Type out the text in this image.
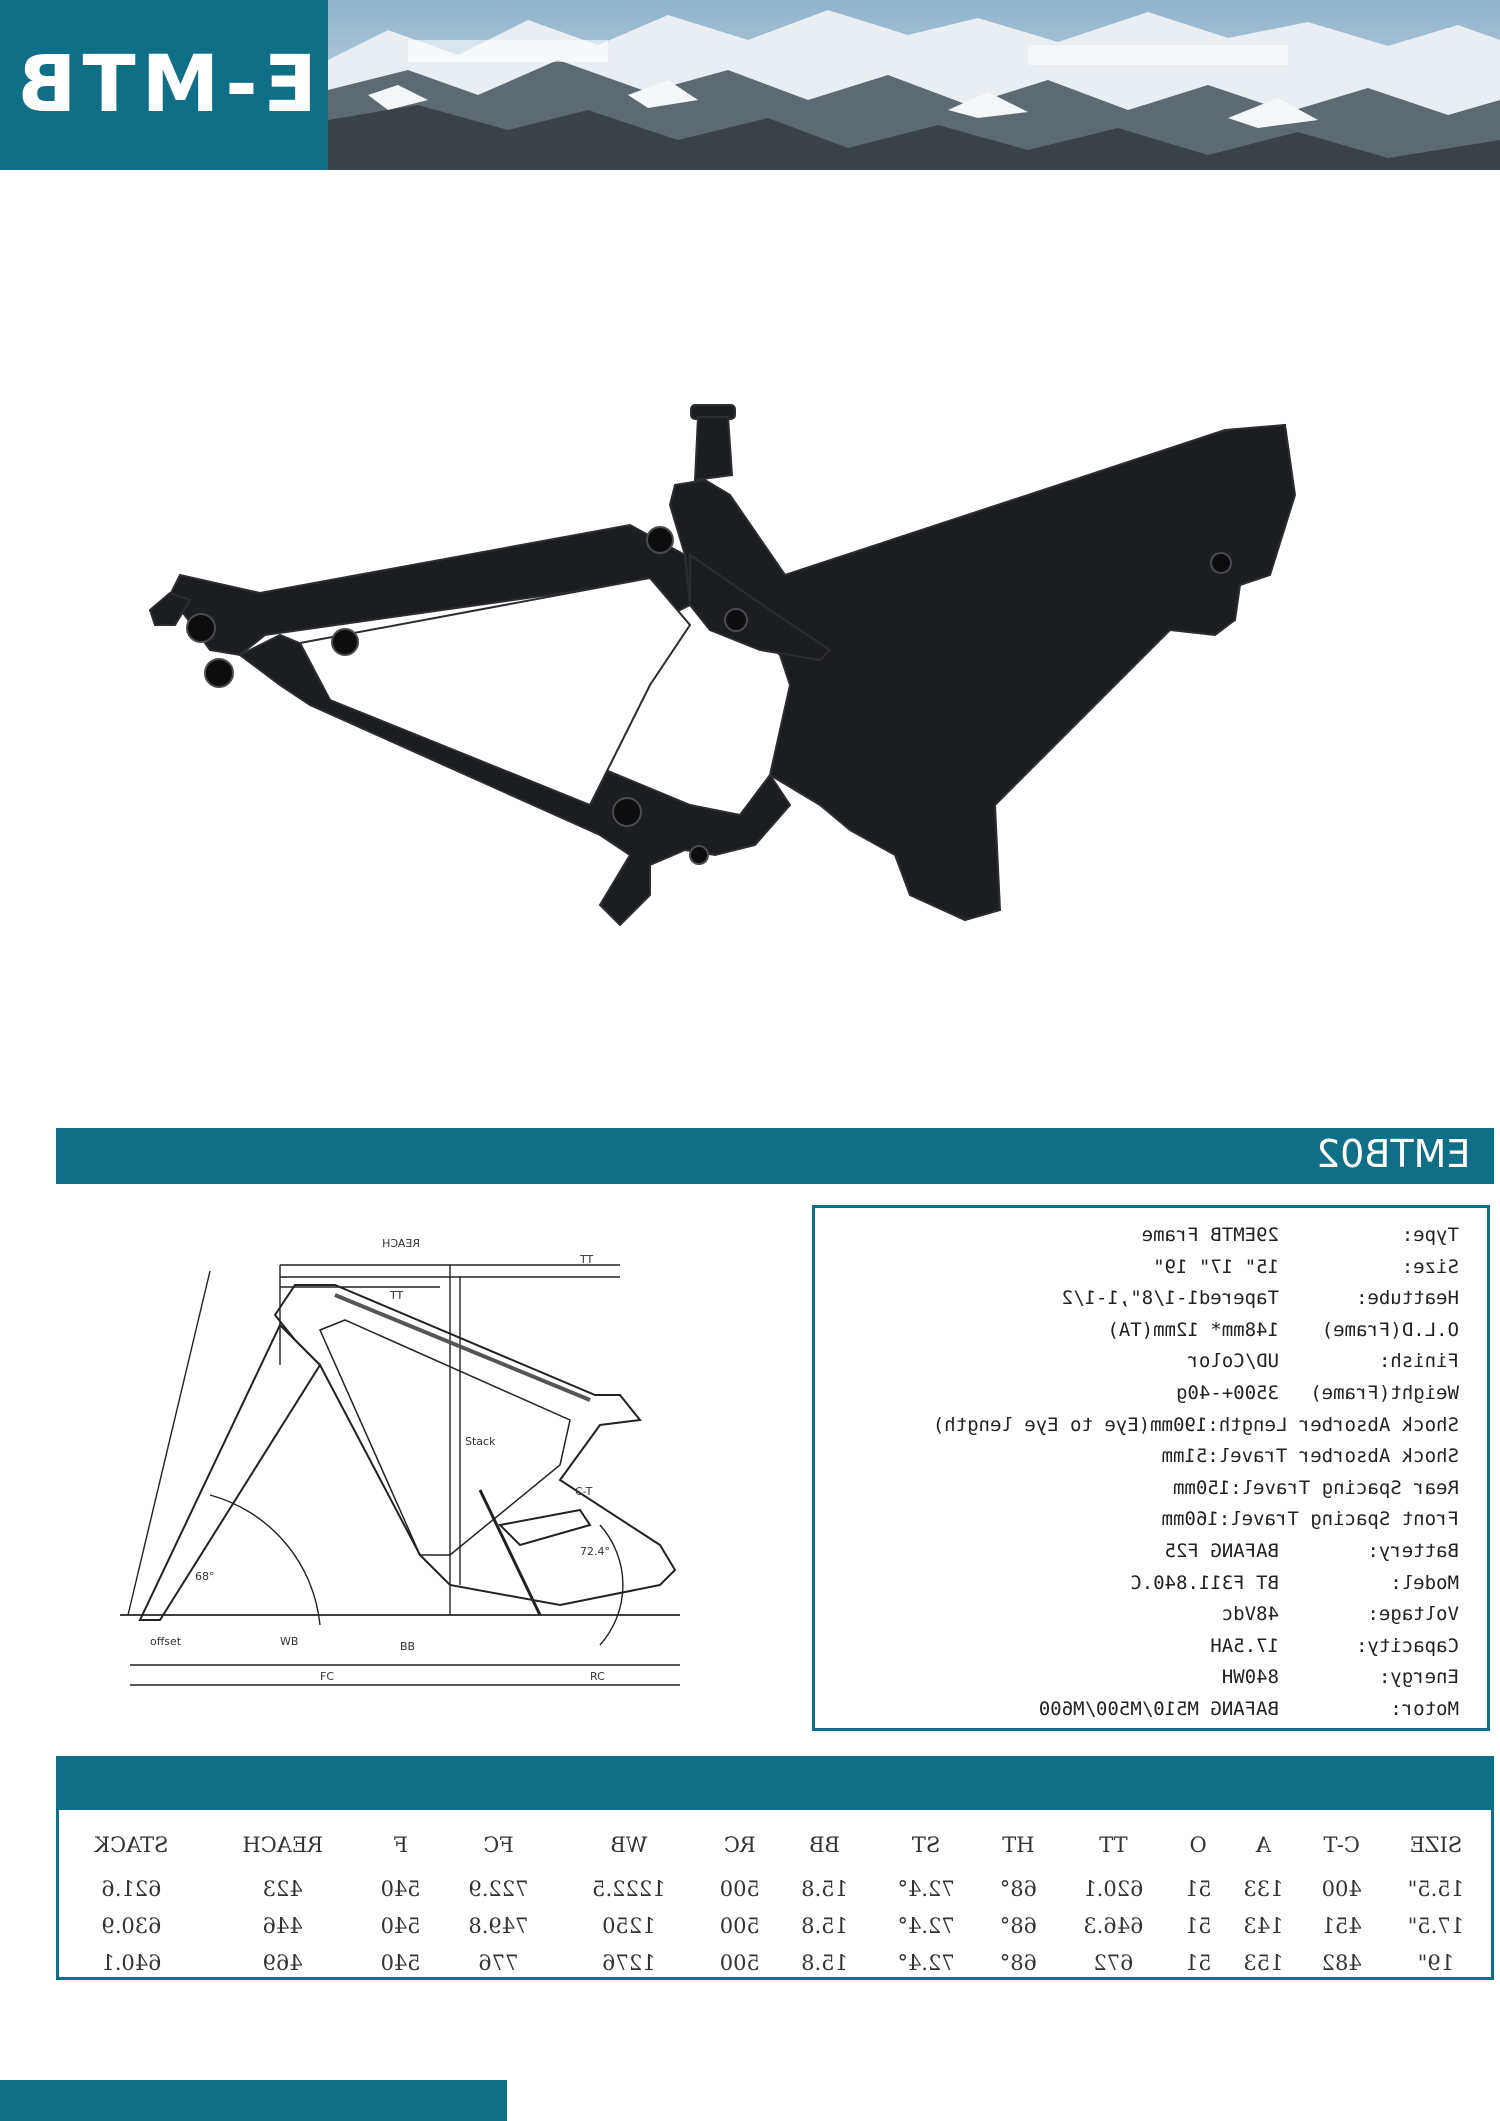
E-MTB
EMTB02
REACH
TT
TT
offset	WB
FC	RC
BB
Stack
C-T
68°
72.4°
Type:
29EMTB Frame
Size:
15" 17" 19"
Heattube:
Tapered1-1/8",1-1/2
O.L.D(Frame)
148mm* 12mm(TA)
Finish:
UD/Color
Weight(Frame)
3500+-40g
Shock Absorber Length:190mm(Eye to Eye length)
Shock Absorber Travel:51mm
Rear Spacing Travel:150mm
Front Spacing Travel:160mm
Battery:
BAFANG F25
Model:
BT F311.840.C
Voltage:
48Vdc
Capacity:
17.5AH
Energy:
840WH
Motor:
BAFANG M510/M500/M600
SIZE	C-T	A	O	TT	HT	ST	BB	RC	WB	FC	F	REACH	STACK
15.5"	400	133	51	620.1	68°	72.4°	15.8	500	1222.5	722.9	540	423	621.6
17.5"	451	143	51	646.3	68°	72.4°	15.8	500	1250	749.8	540	446	630.9
19"	482	153	51	672	68°	72.4°	15.8	500	1276	776	540	469	640.1
